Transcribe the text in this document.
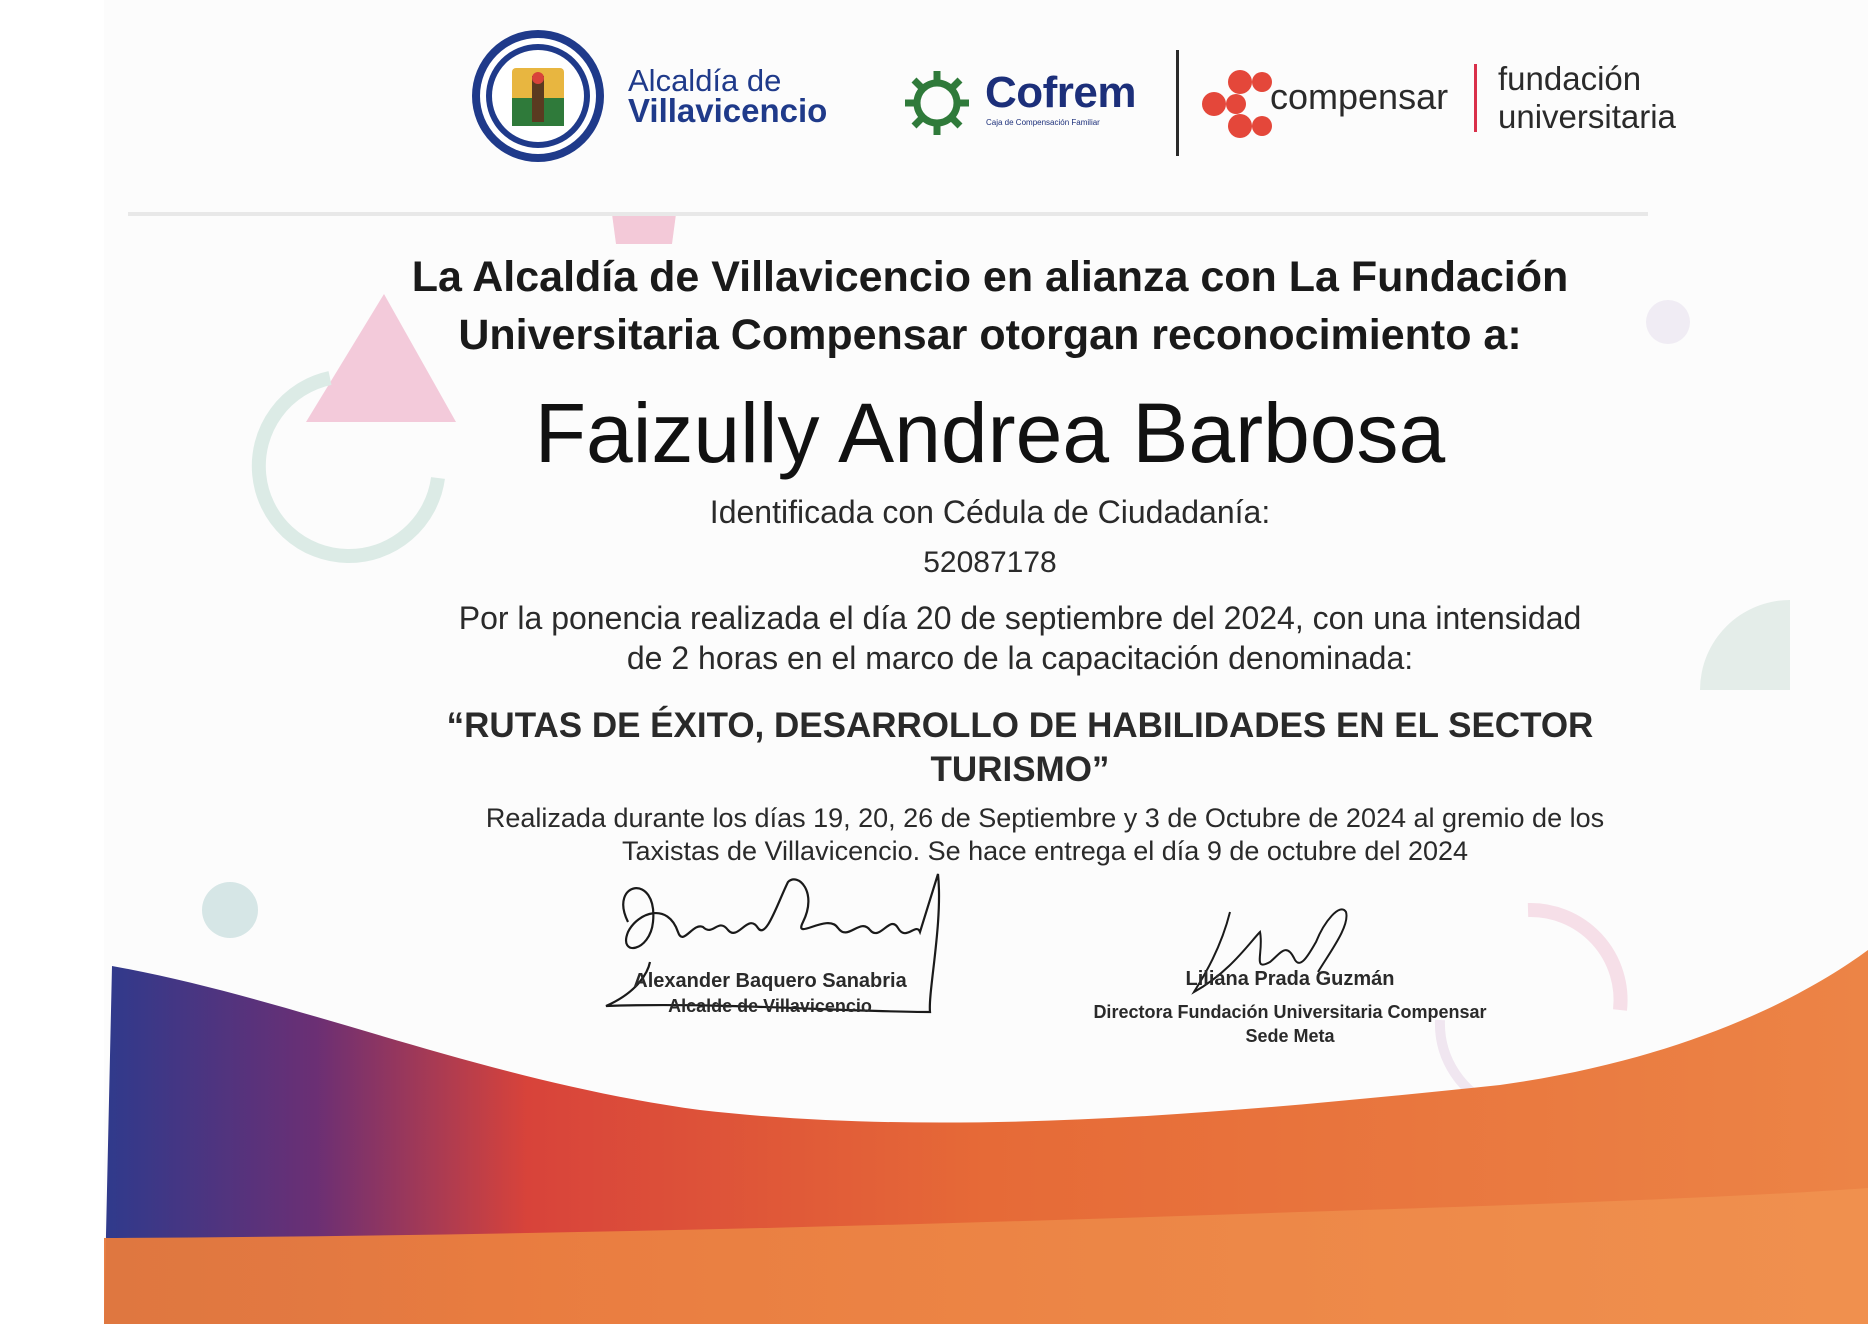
Alcaldía de
Villavicencio	Cofrem
Caja de Compensación Familiar
compensar fundación
universitaria
La Alcaldía de Villavicencio en alianza con La Fundación
Universitaria Compensar otorgan reconocimiento a:
Faizully Andrea Barbosa
Identificada con Cédula de Ciudadanía:
52087178
Por la ponencia realizada el día 20 de septiembre del 2024, con una intensidad
de 2 horas en el marco de la capacitación denominada:
“RUTAS DE ÉXITO, DESARROLLO DE HABILIDADES EN EL SECTOR
TURISMO”
Realizada durante los días 19, 20, 26 de Septiembre y 3 de Octubre de 2024 al gremio de los
Taxistas de Villavicencio. Se hace entrega el día 9 de octubre del 2024
Alexander Baquero Sanabria
Alcalde de Villavicencio
Liliana Prada Guzmán
Directora Fundación Universitaria Compensar
Sede Meta
